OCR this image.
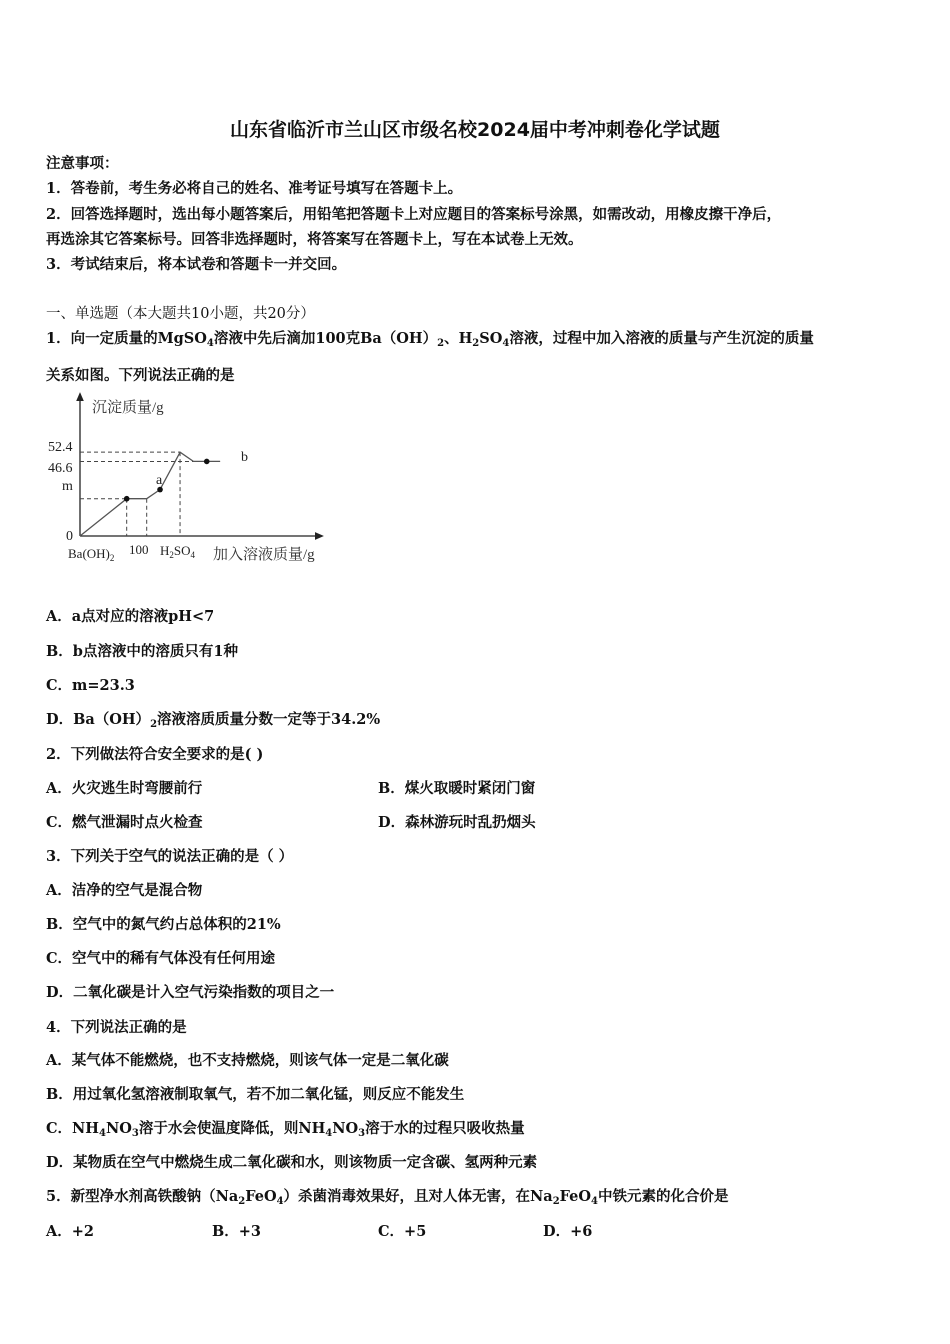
山东省临沂市兰山区市级名校2024届中考冲刺卷化学试题
注意事项：
1．答卷前，考生务必将自己的姓名、准考证号填写在答题卡上。
2．回答选择题时，选出每小题答案后，用铅笔把答题卡上对应题目的答案标号涂黑，如需改动，用橡皮擦干净后，
再选涂其它答案标号。回答非选择题时，将答案写在答题卡上，写在本试卷上无效。
3．考试结束后，将本试卷和答题卡一并交回。
一、单选题（本大题共10小题，共20分）
1．向一定质量的MgSO$_4$溶液中先后滴加100克$Ba(OH)_2$、$H_2SO_4$溶液，过程中加入溶液的质量与产生沉淀的质量
关系如图。下列说法正确的是
沉淀质量/g
52.4
46.6
m
0
a
b
$Ba(OH)_2$
100 $H_2SO_4$ 加入溶液质量/g
A．a点对应的溶液pH<7
B．b点溶液中的溶质只有1种
C．m=23.3
D．$Ba(OH)_2$溶液溶质质量分数一定等于34.2%
2．下列做法符合安全要求的是( )
A．火灾逃生时弯腰前行	B．煤火取暖时紧闭门窗
C．燃气泄漏时点火检查	D．森林游玩时乱扔烟头
3．下列关于空气的说法正确的是（ ）
A．洁净的空气是混合物
B．空气中的氮气约占总体积的21%
C．空气中的稀有气体没有任何用途
D．二氧化碳是计入空气污染指数的项目之一
4．下列说法正确的是
A．某气体不能燃烧，也不支持燃烧，则该气体一定是二氧化碳
B．用过氧化氢溶液制取氧气，若不加二氧化锰，则反应不能发生
C．$NH_4NO_3$溶于水会使温度降低，则$NH_4NO_3$溶于水的过程只吸收热量
D．某物质在空气中燃烧生成二氧化碳和水，则该物质一定含碳、氢两种元素
5．新型净水剂高铁酸钠$(Na_2FeO_4)$杀菌消毒效果好，且对人体无害，在$Na_2FeO_4$中铁元素的化合价是
A．+2	B．+3	C．+5	D．+6
